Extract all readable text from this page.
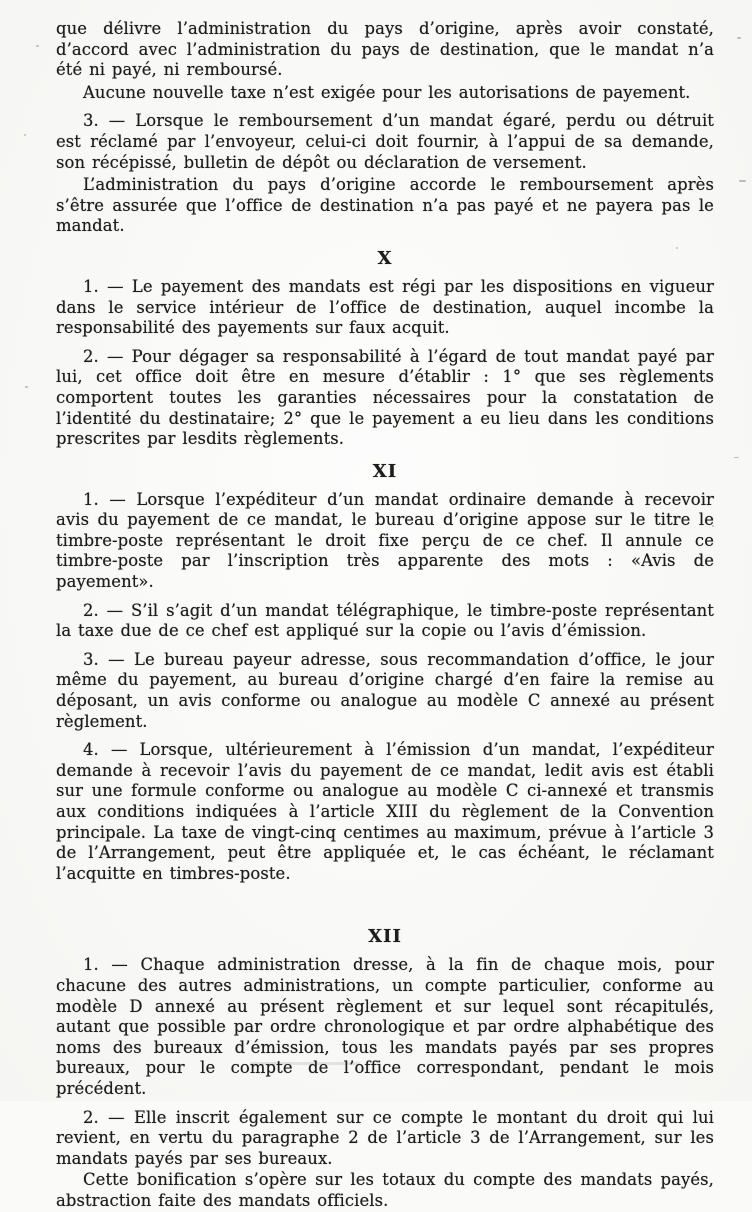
que délivre l’administration du pays d’origine, après avoir constaté, d’accord avec l’administration du pays de destination, que le mandat n’a été ni payé, ni remboursé.

Aucune nouvelle taxe n’est exigée pour les autorisations de payement.

3. — Lorsque le remboursement d’un mandat égaré, perdu ou détruit est réclamé par l’envoyeur, celui-ci doit fournir, à l’appui de sa demande, son récépissé, bulletin de dépôt ou déclaration de versement.

L’administration du pays d’origine accorde le remboursement après s’être assurée que l’office de destination n’a pas payé et ne payera pas le mandat.

X

1. — Le payement des mandats est régi par les dispositions en vigueur dans le service intérieur de l’office de destination, auquel incombe la responsabilité des payements sur faux acquit.

2. — Pour dégager sa responsabilité à l’égard de tout mandat payé par lui, cet office doit être en mesure d’établir : 1° que ses règlements comportent toutes les garanties nécessaires pour la constatation de l’identité du destinataire; 2° que le payement a eu lieu dans les conditions prescrites par lesdits règlements.

XI

1. — Lorsque l’expéditeur d’un mandat ordinaire demande à recevoir avis du payement de ce mandat, le bureau d’origine appose sur le titre le timbre-poste représentant le droit fixe perçu de ce chef. Il annule ce timbre-poste par l’inscription très apparente des mots : «Avis de payement».

2. — S’il s’agit d’un mandat télégraphique, le timbre-poste représentant la taxe due de ce chef est appliqué sur la copie ou l’avis d’émission.

3. — Le bureau payeur adresse, sous recommandation d’office, le jour même du payement, au bureau d’origine chargé d’en faire la remise au déposant, un avis conforme ou analogue au modèle C annexé au présent règlement.

4. — Lorsque, ultérieurement à l’émission d’un mandat, l’expéditeur demande à recevoir l’avis du payement de ce mandat, ledit avis est établi sur une formule conforme ou analogue au modèle C ci-annexé et transmis aux conditions indiquées à l’article XIII du règlement de la Convention principale. La taxe de vingt-cinq centimes au maximum, prévue à l’article 3 de l’Arrangement, peut être appliquée et, le cas échéant, le réclamant l’acquitte en timbres-poste.

XII

1. — Chaque administration dresse, à la fin de chaque mois, pour chacune des autres administrations, un compte particulier, conforme au modèle D annexé au présent règlement et sur lequel sont récapitulés, autant que possible par ordre chronologique et par ordre alphabétique des noms des bureaux d’émission, tous les mandats payés par ses propres bureaux, pour le compte de l’office correspondant, pendant le mois précédent.

2. — Elle inscrit également sur ce compte le montant du droit qui lui revient, en vertu du paragraphe 2 de l’article 3 de l’Arrangement, sur les mandats payés par ses bureaux.

Cette bonification s’opère sur les totaux du compte des mandats payés, abstraction faite des mandats officiels.
